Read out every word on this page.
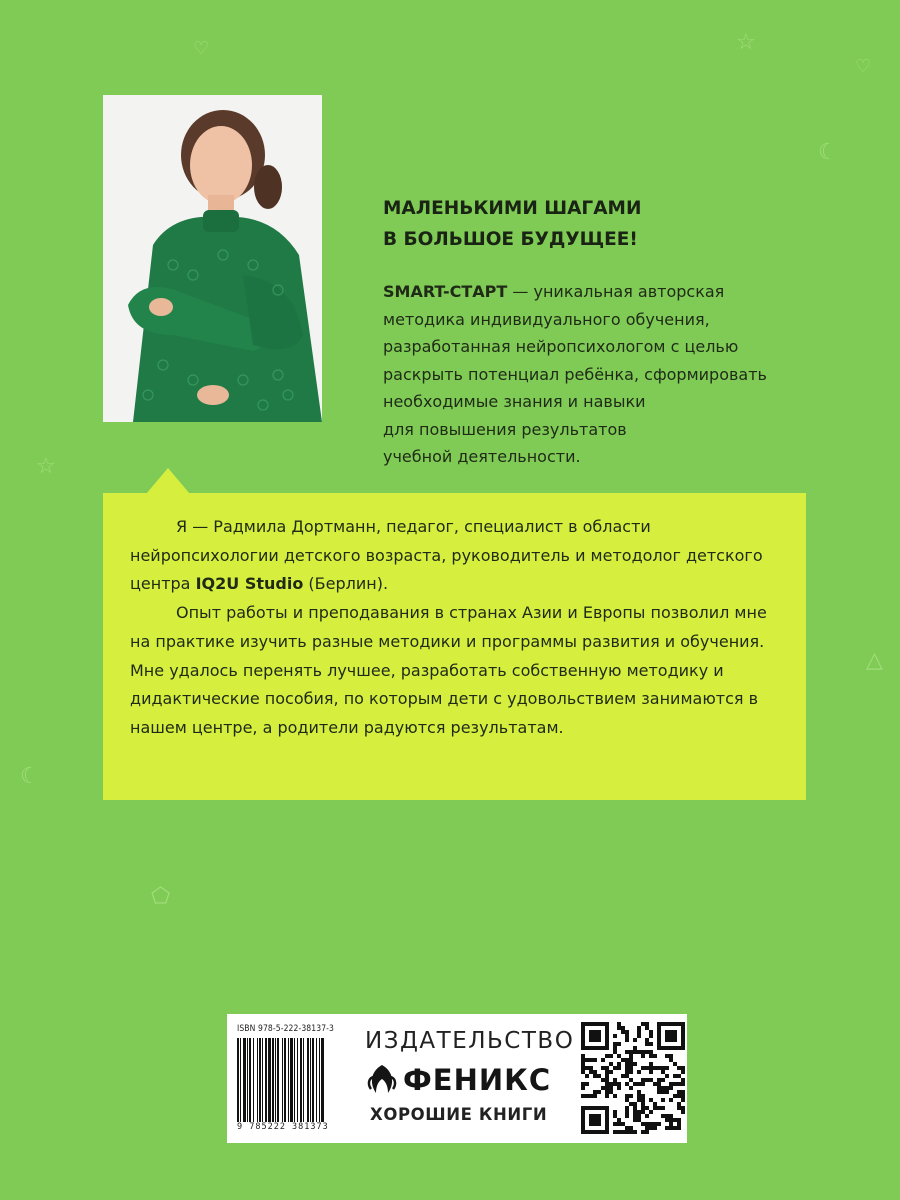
☆
♡
♡
☾
☆
△
⬠
☾
МАЛЕНЬКИМИ ШАГАМИ
В БОЛЬШОЕ БУДУЩЕЕ!

SMART-СТАРТ — уникальная авторская
методика индивидуального обучения,
разработанная нейропсихологом с целью
раскрыть потенциал ребёнка, сформировать
необходимые знания и навыки
для повышения результатов
учебной деятельности.

Я — Радмила Дортманн, педагог, специалист в области нейропсихологии детского возраста, руководитель и методолог детского центра IQ2U Studio (Берлин).

Опыт работы и преподавания в странах Азии и Европы позволил мне на практике изучить разные методики и программы развития и обучения. Мне удалось перенять лучшее, разработать собственную методику и дидактические пособия, по которым дети с удовольствием занимаются в нашем центре, а родители радуются результатам.

ISBN 978-5-222-38137-3
9 785222 381373
ИЗДАТЕЛЬСТВО
ФЕНИКС
ХОРОШИЕ КНИГИ
